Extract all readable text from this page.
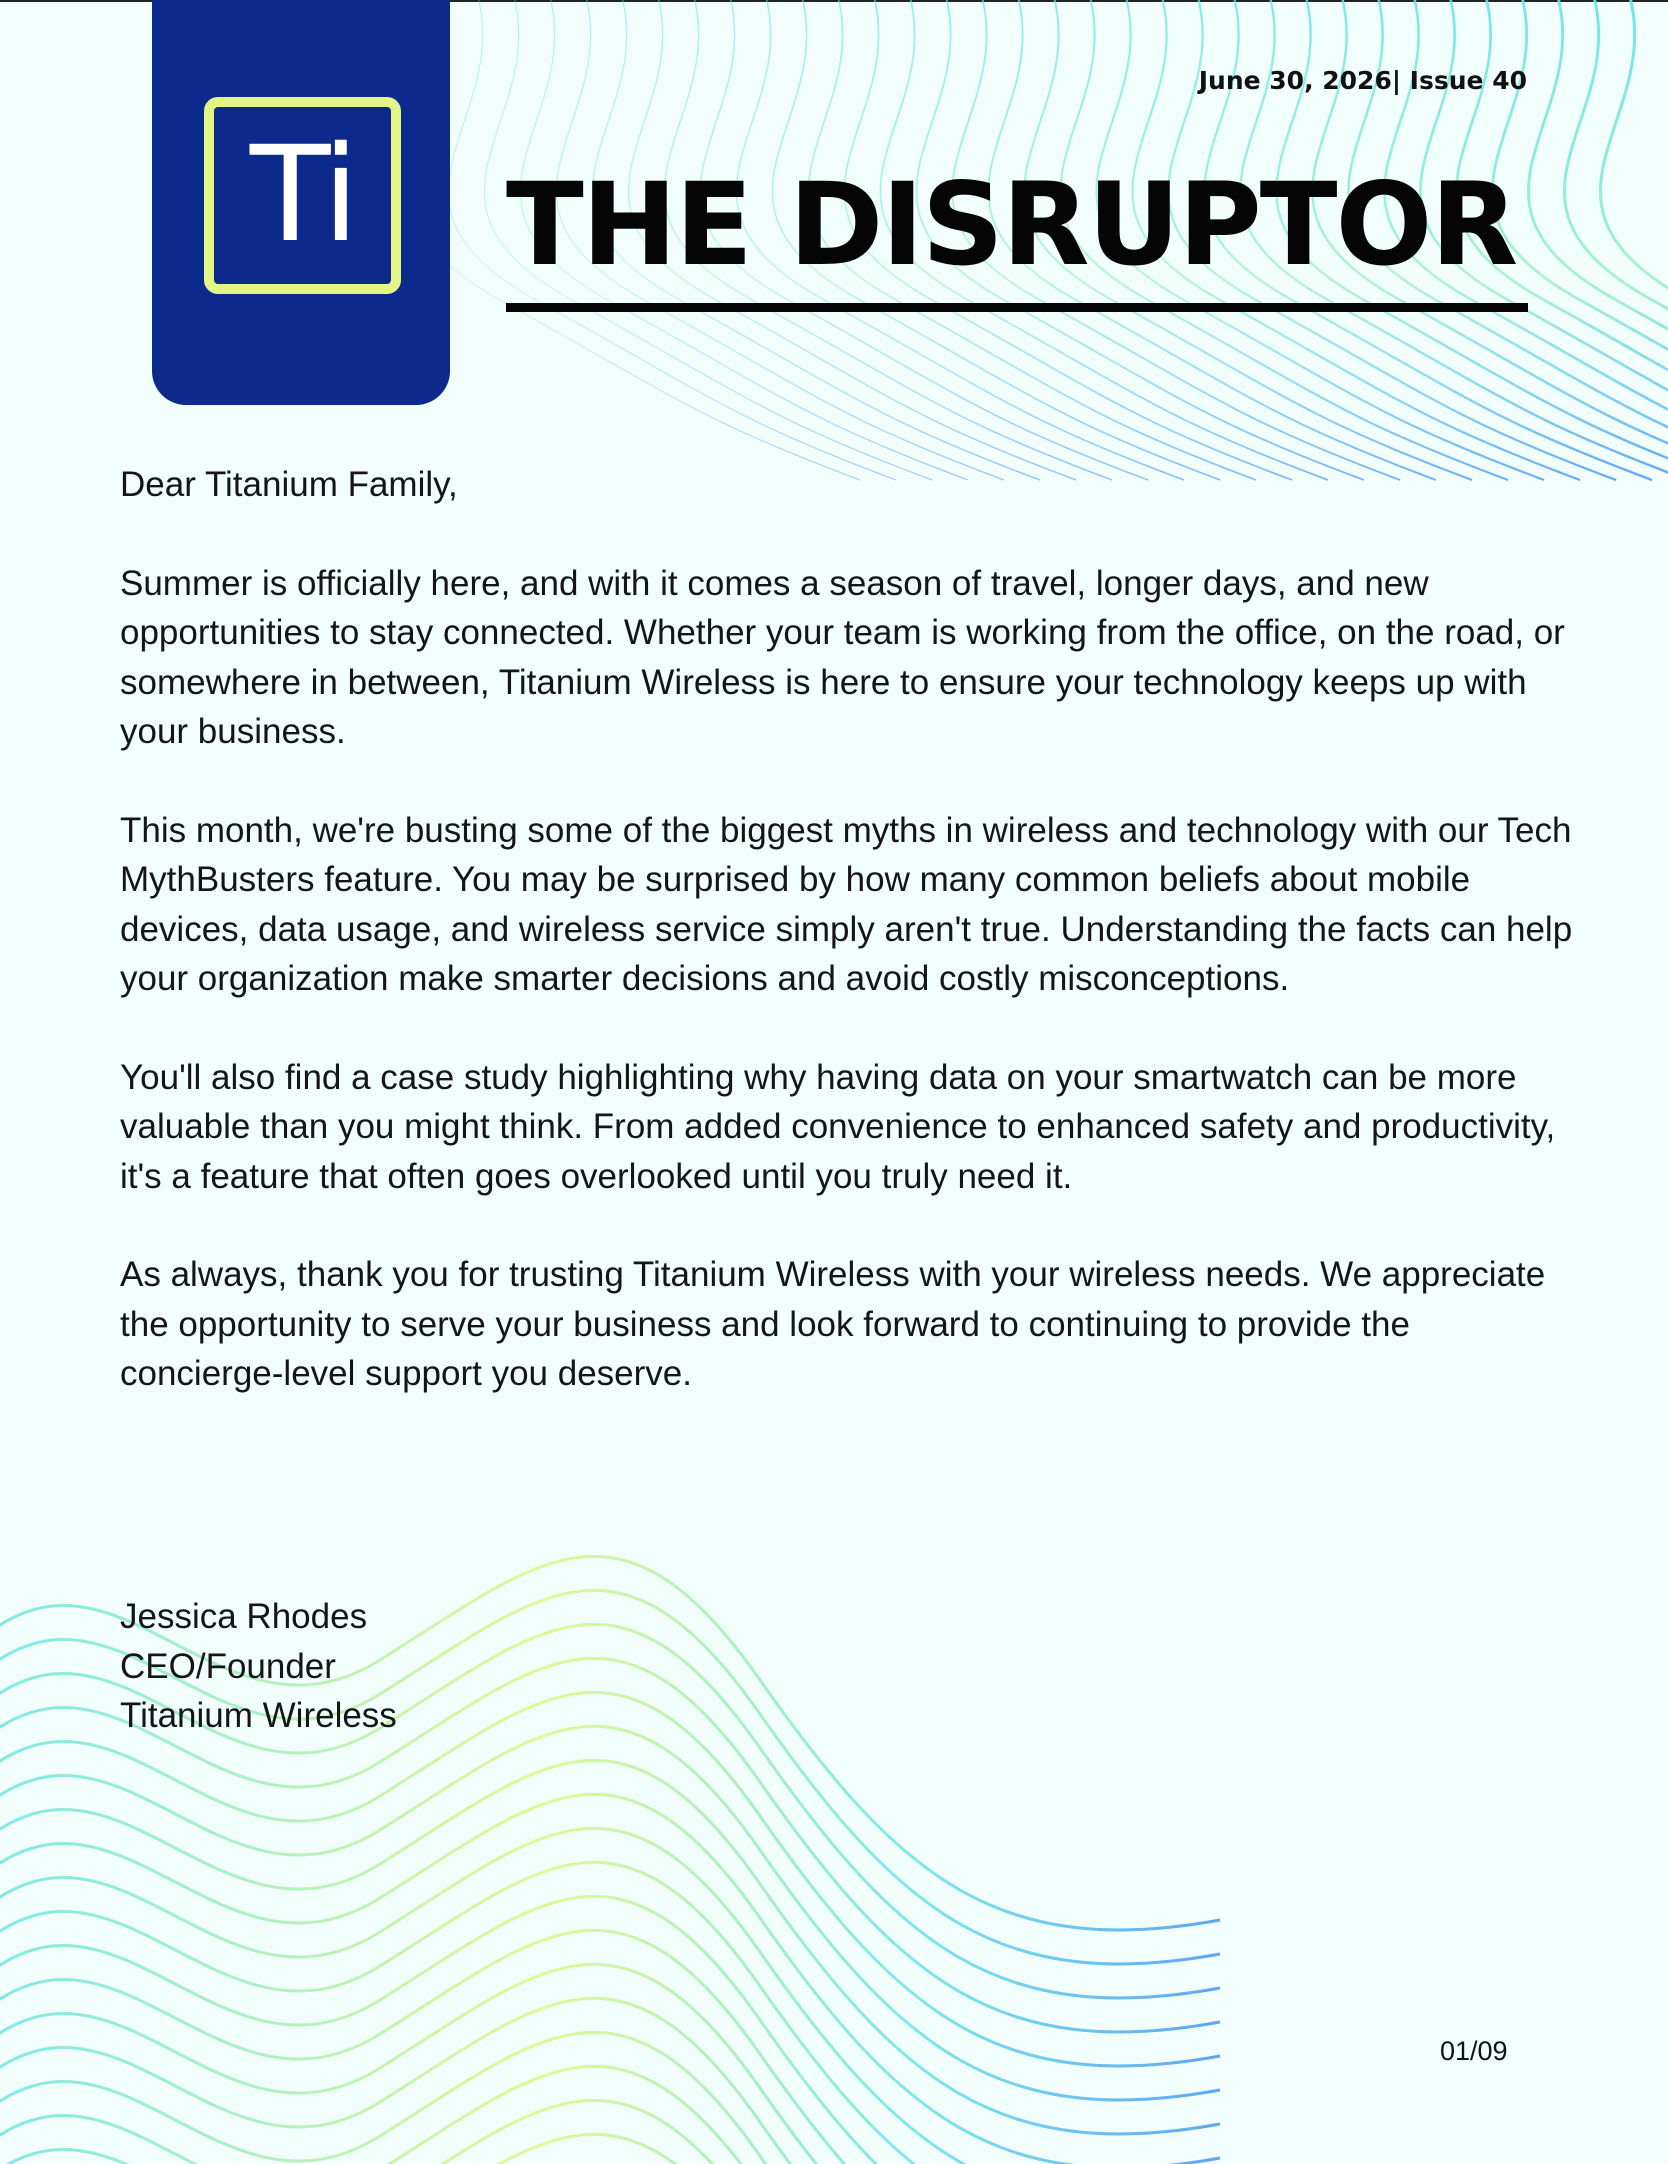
Ti
June 30, 2026| Issue 40
THE DISRUPTOR

Dear Titanium Family,

Summer is officially here, and with it comes a season of travel, longer days, and new opportunities to stay connected. Whether your team is working from the office, on the road, or somewhere in between, Titanium Wireless is here to ensure your technology keeps up with your business.

This month, we're busting some of the biggest myths in wireless and technology with our Tech MythBusters feature. You may be surprised by how many common beliefs about mobile devices, data usage, and wireless service simply aren't true. Understanding the facts can help your organization make smarter decisions and avoid costly misconceptions.

You'll also find a case study highlighting why having data on your smartwatch can be more valuable than you might think. From added convenience to enhanced safety and productivity, it's a feature that often goes overlooked until you truly need it.

As always, thank you for trusting Titanium Wireless with your wireless needs. We appreciate the opportunity to serve your business and look forward to continuing to provide the concierge-level support you deserve.

Jessica Rhodes
CEO/Founder
Titanium Wireless
01/09
